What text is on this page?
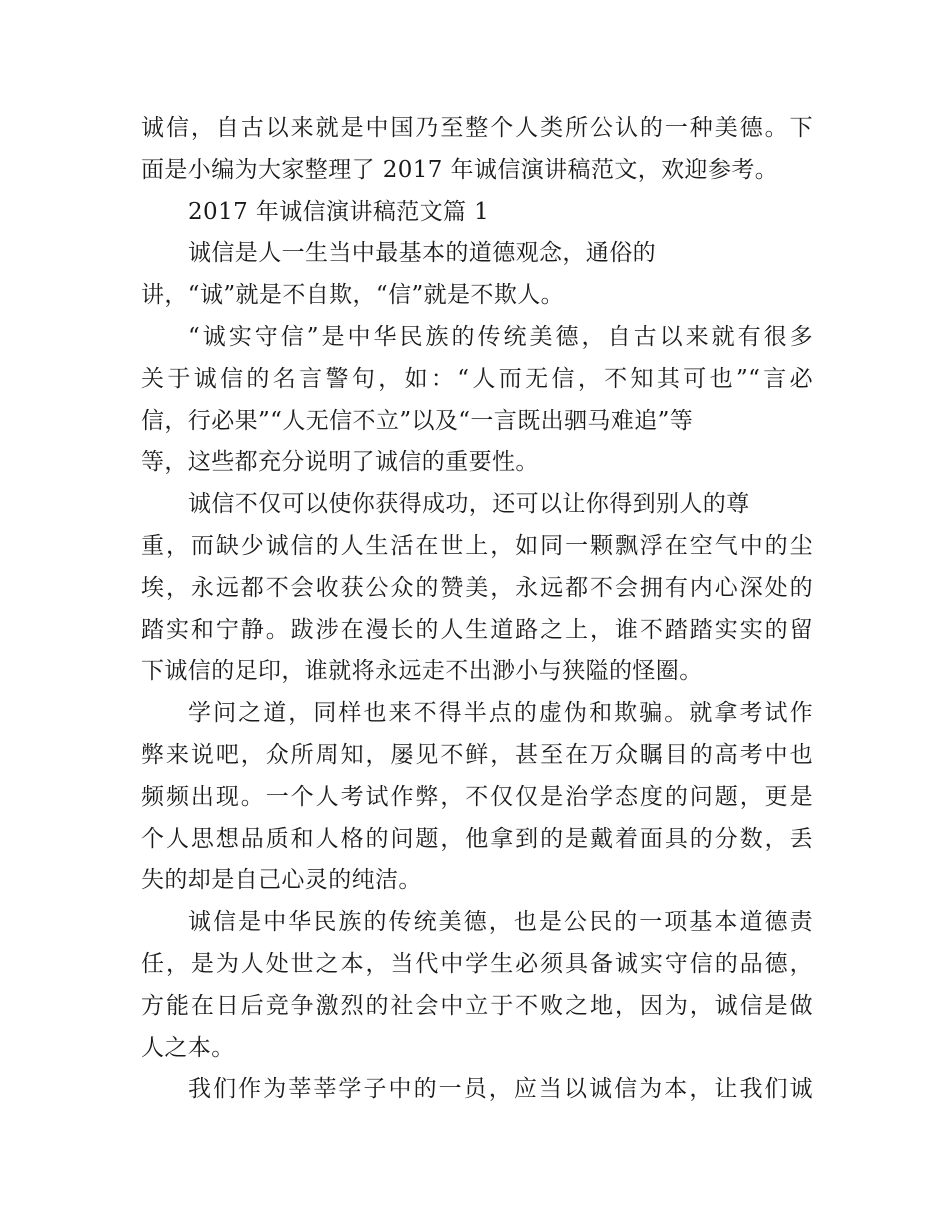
诚信，自古以来就是中国乃至整个人类所公认的一种美德。下
面是小编为大家整理了 2017 年诚信演讲稿范文，欢迎参考。
2017 年诚信演讲稿范文篇 1
诚信是人一生当中最基本的道德观念，通俗的
讲，“诚”就是不自欺，“信”就是不欺人。
“诚实守信”是中华民族的传统美德，自古以来就有很多
关于诚信的名言警句，如：“人而无信，不知其可也”“言必
信，行必果”“人无信不立”以及“一言既出驷马难追”等
等，这些都充分说明了诚信的重要性。
诚信不仅可以使你获得成功，还可以让你得到别人的尊
重，而缺少诚信的人生活在世上，如同一颗飘浮在空气中的尘
埃，永远都不会收获公众的赞美，永远都不会拥有内心深处的
踏实和宁静。跋涉在漫长的人生道路之上，谁不踏踏实实的留
下诚信的足印，谁就将永远走不出渺小与狭隘的怪圈。
学问之道，同样也来不得半点的虚伪和欺骗。就拿考试作
弊来说吧，众所周知，屡见不鲜，甚至在万众瞩目的高考中也
频频出现。一个人考试作弊，不仅仅是治学态度的问题，更是
个人思想品质和人格的问题，他拿到的是戴着面具的分数，丢
失的却是自己心灵的纯洁。
诚信是中华民族的传统美德，也是公民的一项基本道德责
任，是为人处世之本，当代中学生必须具备诚实守信的品德，
方能在日后竞争激烈的社会中立于不败之地，因为，诚信是做
人之本。
我们作为莘莘学子中的一员，应当以诚信为本，让我们诚
